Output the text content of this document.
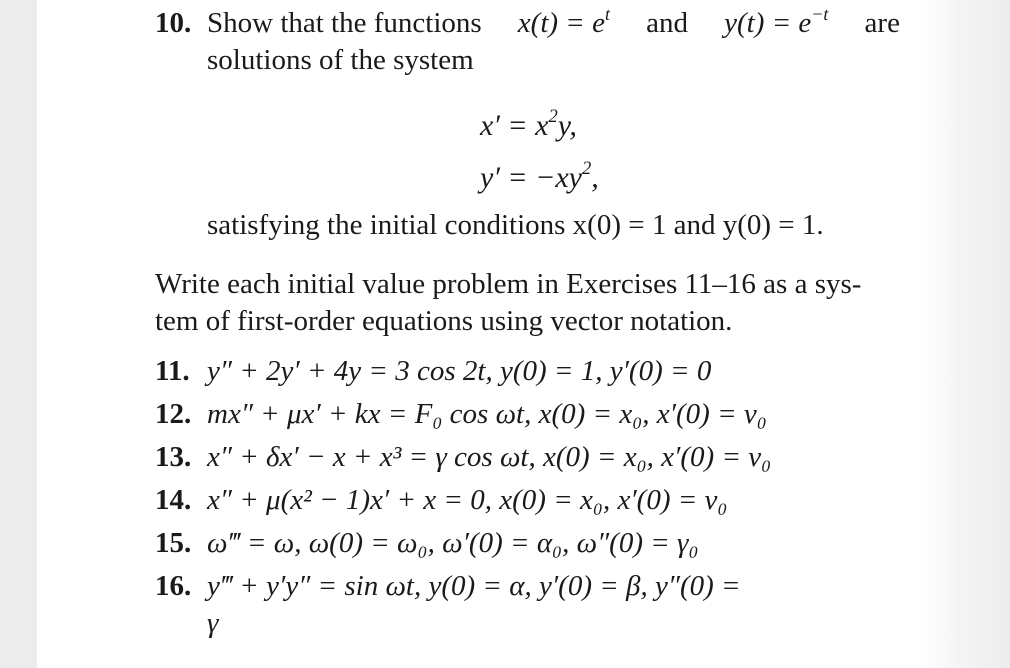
10. Show that the functions $x(t) = e^t$ and $y(t) = e^{-t}$ are
solutions of the system
$x' = x^2y$,
$y' = -xy^2$,
satisfying the initial conditions x(0) = 1 and y(0) = 1.
Write each initial value problem in Exercises 11–16 as a sys-
tem of first-order equations using vector notation.
11. y″ + 2y′ + 4y = 3 cos 2t, y(0) = 1, y′(0) = 0
12. mx″ + μx′ + kx = F₀ cos ωt, x(0) = x₀, x′(0) = v₀
13. x″ + δx′ − x + x³ = γ cos ωt, x(0) = x₀, x′(0) = v₀
14. x″ + μ(x² − 1)x′ + x = 0, x(0) = x₀, x′(0) = v₀
15. ω‴ = ω, ω(0) = ω₀, ω′(0) = α₀, ω″(0) = γ₀
16. y‴ + y′y″ = sin ωt, y(0) = α, y′(0) = β, y″(0) =
γ
